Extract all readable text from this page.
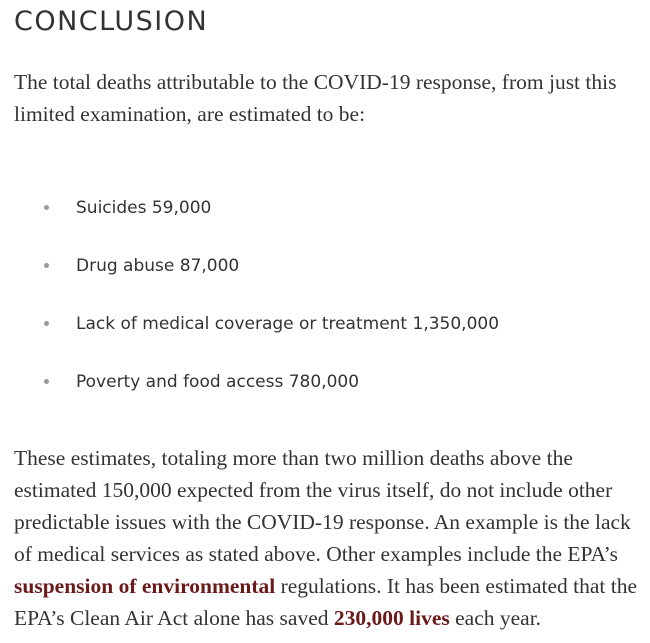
CONCLUSION

The total deaths attributable to the COVID-19 response, from just this limited examination, are estimated to be:

Suicides 59,000
Drug abuse 87,000
Lack of medical coverage or treatment 1,350,000
Poverty and food access 780,000

These estimates, totaling more than two million deaths above the estimated 150,000 expected from the virus itself, do not include other predictable issues with the COVID-19 response. An example is the lack of medical services as stated above. Other examples include the EPA’s suspension of environmental regulations. It has been estimated that the EPA’s Clean Air Act alone has saved 230,000 lives each year.
